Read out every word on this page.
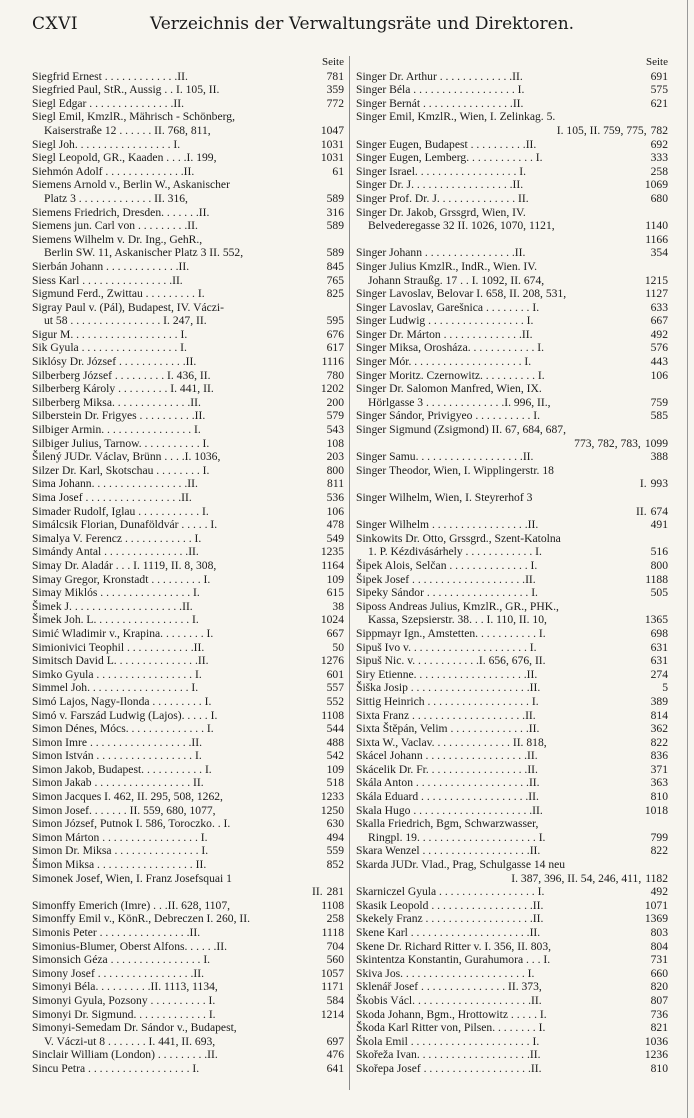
CXVI	Verzeichnis der Verwaltungsräte und Direktoren.
Seite
Siegfrid Ernest . . . . . . . . . . . . .II.	781
Siegfried Paul, StR., Aussig . . I. 105, II.	359
Siegl Edgar . . . . . . . . . . . . . . .II.	772
Siegl Emil, KmzlR., Mährisch - Schönberg,
Kaiserstraße 12 . . . . . . II. 768, 811,	1047
Siegl Joh. . . . . . . . . . . . . . . . . I.	1031
Siegl Leopold, GR., Kaaden . . . .I. 199,	1031
Siehmón Adolf . . . . . . . . . . . . . .II.	61
Siemens Arnold v., Berlin W., Askanischer
Platz 3 . . . . . . . . . . . . . II. 316,	589
Siemens Friedrich, Dresden. . . . . . .II.	316
Siemens jun. Carl von . . . . . . . . .II.	589
Siemens Wilhelm v. Dr. Ing., GehR.,
Berlin SW. 11, Askanischer Platz 3 II. 552,	589
Sierbán Johann . . . . . . . . . . . . .II.	845
Siess Karl . . . . . . . . . . . . . . . .II.	765
Sigmund Ferd., Zwittau . . . . . . . . . I.	825
Sigray Paul v. (Pál), Budapest, IV. Váczi-
ut 58 . . . . . . . . . . . . . . . . I. 247, II.	595
Sigur M. . . . . . . . . . . . . . . . . . . I.	676
Sik Gyula . . . . . . . . . . . . . . . . . I.	617
Siklósy Dr. József . . . . . . . . . . . .II.	1116
Silberberg József . . . . . . . . . I. 436, II.	780
Silberberg Károly . . . . . . . . . I. 441, II.	1202
Silberberg Miksa. . . . . . . . . . . . . .II.	200
Silberstein Dr. Frigyes . . . . . . . . . .II.	579
Silbiger Armin. . . . . . . . . . . . . . . . I.	543
Silbiger Julius, Tarnow. . . . . . . . . . . I.	108
Šilený JUDr. Václav, Brünn . . . .I. 1036,	203
Silzer Dr. Karl, Skotschau . . . . . . . . I.	800
Sima Johann. . . . . . . . . . . . . . . . .II.	811
Sima Josef . . . . . . . . . . . . . . . . .II.	536
Simader Rudolf, Iglau . . . . . . . . . . . I.	106
Simálcsik Florian, Dunaföldvár . . . . . I.	478
Simalya V. Ferencz . . . . . . . . . . . . I.	549
Simándy Antal . . . . . . . . . . . . . . .II.	1235
Simay Dr. Aladár . . . I. 1119, II. 8, 308,	1164
Simay Gregor, Kronstadt . . . . . . . . . I.	109
Simay Miklós . . . . . . . . . . . . . . . . I.	615
Šimek J. . . . . . . . . . . . . . . . . . . .II.	38
Šimek Joh. L. . . . . . . . . . . . . . . . . I.	1024
Simić Wladimir v., Krapina. . . . . . . . I.	667
Simionivici Teophil . . . . . . . . . . . .II.	50
Simitsch David L. . . . . . . . . . . . . . .II.	1276
Simko Gyula . . . . . . . . . . . . . . . . . I.	601
Simmel Joh. . . . . . . . . . . . . . . . . . I.	557
Simó Lajos, Nagy-Ilonda . . . . . . . . . I.	552
Simó v. Farszád Ludwig (Lajos). . . . . I.	1108
Simon Dénes, Mócs. . . . . . . . . . . . . . I.	544
Simon Imre . . . . . . . . . . . . . . . . . .II.	488
Simon István . . . . . . . . . . . . . . . . . I.	542
Simon Jakob, Budapest. . . . . . . . . . . I.	109
Simon Jakab . . . . . . . . . . . . . . . . . II.	518
Simon Jacques I. 462, II. 295, 508, 1262,	1233
Simon Josef. . . . . . . II. 559, 680, 1077,	1250
Simon József, Putnok I. 586, Toroczko. . I.	630
Simon Márton . . . . . . . . . . . . . . . . . I.	494
Simon Dr. Miksa . . . . . . . . . . . . . . . I.	559
Šimon Miksa . . . . . . . . . . . . . . . . . II.	852
Simonek Josef, Wien, I. Franz Josefsquai 1
II. 281
Simonffy Emerich (Imre) . . .II. 628, 1107,	1108
Simonffy Emil v., KönR., Debreczen I. 260, II.	258
Simonis Peter . . . . . . . . . . . . . . . .II.	1118
Simonius-Blumer, Oberst Alfons. . . . . .II.	704
Simonsich Géza . . . . . . . . . . . . . . . . I.	560
Simony Josef . . . . . . . . . . . . . . . . .II.	1057
Simonyi Béla. . . . . . . . . .II. 1113, 1134,	1171
Simonyi Gyula, Pozsony . . . . . . . . . . I.	584
Simonyi Dr. Sigmund. . . . . . . . . . . . . I.	1214
Simonyi-Semedam Dr. Sándor v., Budapest,
V. Váczi-ut 8 . . . . . . . I. 441, II. 693,	697
Sinclair William (London) . . . . . . . . .II.	476
Sincu Petra . . . . . . . . . . . . . . . . . . I.	641
Seite
Singer Dr. Arthur . . . . . . . . . . . . .II.	691
Singer Béla . . . . . . . . . . . . . . . . . . I.	575
Singer Bernát . . . . . . . . . . . . . . . .II.	621
Singer Emil, KmzlR., Wien, I. Zelinkag. 5.
I. 105, II. 759, 775, 782
Singer Eugen, Budapest . . . . . . . . . .II.	692
Singer Eugen, Lemberg. . . . . . . . . . . . I.	333
Singer Israel. . . . . . . . . . . . . . . . . . I.	258
Singer Dr. J. . . . . . . . . . . . . . . . . .II.	1069
Singer Prof. Dr. J. . . . . . . . . . . . . . II.	680
Singer Dr. Jakob, Grssgrd, Wien, IV.
Belvederegasse 32 II. 1026, 1070, 1121,	1140
1166
Singer Johann . . . . . . . . . . . . . . . .II.	354
Singer Julius KmzlR., IndR., Wien. IV.
Johann Straußg. 17 . . I. 1092, II. 674,	1215
Singer Lavoslav, Belovar I. 658, II. 208, 531,	1127
Singer Lavoslav, Garešnica . . . . . . . . I.	633
Singer Ludwig . . . . . . . . . . . . . . . . . I.	667
Singer Dr. Márton . . . . . . . . . . . . . .II.	492
Singer Miksa, Orosháza. . . . . . . . . . . . I.	576
Singer Mór. . . . . . . . . . . . . . . . . . . . I.	443
Singer Moritz. Czernowitz. . . . . . . . . . I.	106
Singer Dr. Salomon Manfred, Wien, IX.
Hörlgasse 3 . . . . . . . . . . . . . .I. 996, II.,	759
Singer Sándor, Privigyeo . . . . . . . . . . I.	585
Singer Sigmund (Zsigmond) II. 67, 684, 687,
773, 782, 783, 1099
Singer Samu. . . . . . . . . . . . . . . . . . .II.	388
Singer Theodor, Wien, I. Wipplingerstr. 18
I. 993
Singer Wilhelm, Wien, I. Steyrerhof 3
II. 674
Singer Wilhelm . . . . . . . . . . . . . . . . .II.	491
Sinkowits Dr. Otto, Grssgrd., Szent-Katolna
1. P. Kézdivásárhely . . . . . . . . . . . . I.	516
Šipek Alois, Selčan . . . . . . . . . . . . . . I.	800
Šipek Josef . . . . . . . . . . . . . . . . . . . .II.	1188
Sipeky Sándor . . . . . . . . . . . . . . . . . . I.	505
Siposs Andreas Julius, KmzlR., GR., PHK.,
Kassa, Szepsierstr. 38. . . I. 110, II. 10,	1365
Sippmayr Ign., Amstetten. . . . . . . . . . . I.	698
Sipuš Ivo v. . . . . . . . . . . . . . . . . . . . . I.	631
Sipuš Nic. v. . . . . . . . . . . .I. 656, 676, II.	631
Siry Etienne. . . . . . . . . . . . . . . . . . . .II.	274
Šiška Josip . . . . . . . . . . . . . . . . . . . . .II.	5
Sittig Heinrich . . . . . . . . . . . . . . . . . . I.	389
Sixta Franz . . . . . . . . . . . . . . . . . . . .II.	814
Sixta Štěpán, Velim . . . . . . . . . . . . . .II.	362
Sixta W., Vaclav. . . . . . . . . . . . . . II. 818,	822
Skácel Johann . . . . . . . . . . . . . . . . . .II.	836
Skácelik Dr. Fr. . . . . . . . . . . . . . . . . .II.	371
Skála Anton . . . . . . . . . . . . . . . . . . . .II.	363
Skála Eduard . . . . . . . . . . . . . . . . . . .II.	810
Skala Hugo . . . . . . . . . . . . . . . . . . . . .II.	1018
Skalla Friedrich, Bgm, Schwarzwasser,
Ringpl. 19. . . . . . . . . . . . . . . . . . . . . I.	799
Skara Wenzel . . . . . . . . . . . . . . . . . . .II.	822
Skarda JUDr. Vlad., Prag, Schulgasse 14 neu
I. 387, 396, II. 54, 246, 411, 1182
Skarniczel Gyula . . . . . . . . . . . . . . . . . I.	492
Skasik Leopold . . . . . . . . . . . . . . . . . .II.	1071
Skekely Franz . . . . . . . . . . . . . . . . . . .II.	1369
Skene Karl . . . . . . . . . . . . . . . . . . . . .II.	803
Skene Dr. Richard Ritter v. I. 356, II. 803,	804
Skintentza Konstantin, Gurahumora . . . I.	731
Skiva Jos. . . . . . . . . . . . . . . . . . . . . . I.	660
Sklenář Josef . . . . . . . . . . . . . . . II. 373,	820
Škobis Václ. . . . . . . . . . . . . . . . . . . . .II.	807
Skoda Johann, Bgm., Hrottowitz . . . . . I.	736
Škoda Karl Ritter von, Pilsen. . . . . . . . I.	821
Škola Emil . . . . . . . . . . . . . . . . . . . . . I.	1036
Skořeža Ivan. . . . . . . . . . . . . . . . . . . .II.	1236
Skořepa Josef . . . . . . . . . . . . . . . . . . .II.	810
